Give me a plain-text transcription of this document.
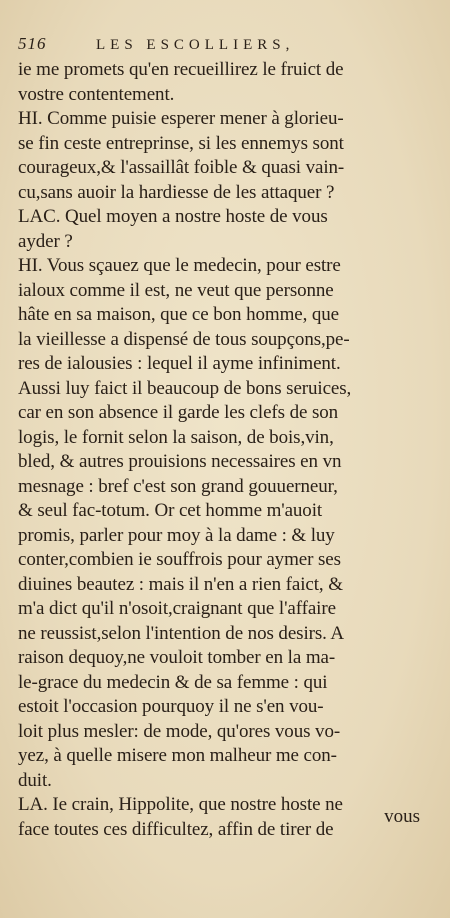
516	LES ESCOLLIERS,
ie me promets qu'en recueillirez le fruict de
vostre contentement.
HI. Comme puisie esperer mener à glorieu-
se fin ceste entreprinse, si les ennemys sont
courageux,& l'assaillât foible & quasi vain-
cu,sans auoir la hardiesse de les attaquer ?
LAC. Quel moyen a nostre hoste de vous
ayder ?
HI. Vous sçauez que le medecin, pour estre
ialoux comme il est, ne veut que personne
hâte en sa maison, que ce bon homme, que
la vieillesse a dispensé de tous soupçons,pe-
res de ialousies : lequel il ayme infiniment.
Aussi luy faict il beaucoup de bons seruices,
car en son absence il garde les clefs de son
logis, le fornit selon la saison, de bois,vin,
bled, & autres prouisions necessaires en vn
mesnage : bref c'est son grand gouuerneur,
& seul fac-totum. Or cet homme m'auoit
promis, parler pour moy à la dame : & luy
conter,combien ie souffrois pour aymer ses
diuines beautez : mais il n'en a rien faict, &
m'a dict qu'il n'osoit,craignant que l'affaire
ne reussist,selon l'intention de nos desirs. A
raison dequoy,ne vouloit tomber en la ma-
le-grace du medecin & de sa femme : qui
estoit l'occasion pourquoy il ne s'en vou-
loit plus mesler: de mode, qu'ores vous vo-
yez, à quelle misere mon malheur me con-
duit.
LA. Ie crain, Hippolite, que nostre hoste ne
face toutes ces difficultez, affin de tirer de
vous
